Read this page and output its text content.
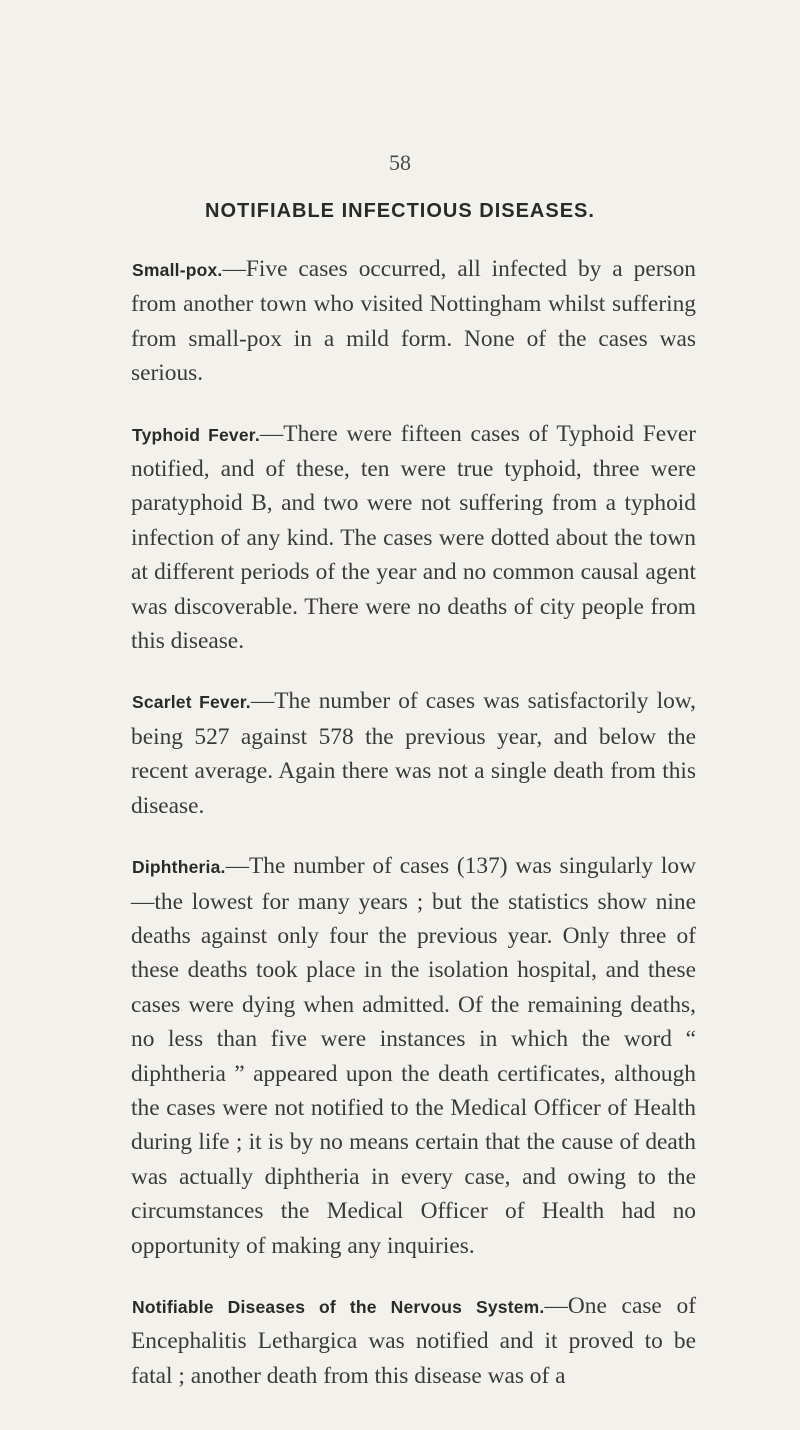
58
NOTIFIABLE INFECTIOUS DISEASES.

Small-pox.—Five cases occurred, all infected by a person from another town who visited Nottingham whilst suffering from small-pox in a mild form. None of the cases was serious.

Typhoid Fever.—There were fifteen cases of Typhoid Fever notified, and of these, ten were true typhoid, three were paratyphoid B, and two were not suffering from a typhoid infection of any kind. The cases were dotted about the town at different periods of the year and no common causal agent was discoverable. There were no deaths of city people from this disease.

Scarlet Fever.—The number of cases was satisfactorily low, being 527 against 578 the previous year, and below the recent average. Again there was not a single death from this disease.

Diphtheria.—The number of cases (137) was singularly low—the lowest for many years ; but the statistics show nine deaths against only four the previous year. Only three of these deaths took place in the isolation hospital, and these cases were dying when admitted. Of the remaining deaths, no less than five were instances in which the word “ diphtheria ” appeared upon the death certificates, although the cases were not notified to the Medical Officer of Health during life ; it is by no means certain that the cause of death was actually diphtheria in every case, and owing to the circumstances the Medical Officer of Health had no opportunity of making any inquiries.

Notifiable Diseases of the Nervous System.—One case of Encephalitis Lethargica was notified and it proved to be fatal ; another death from this disease was of a
